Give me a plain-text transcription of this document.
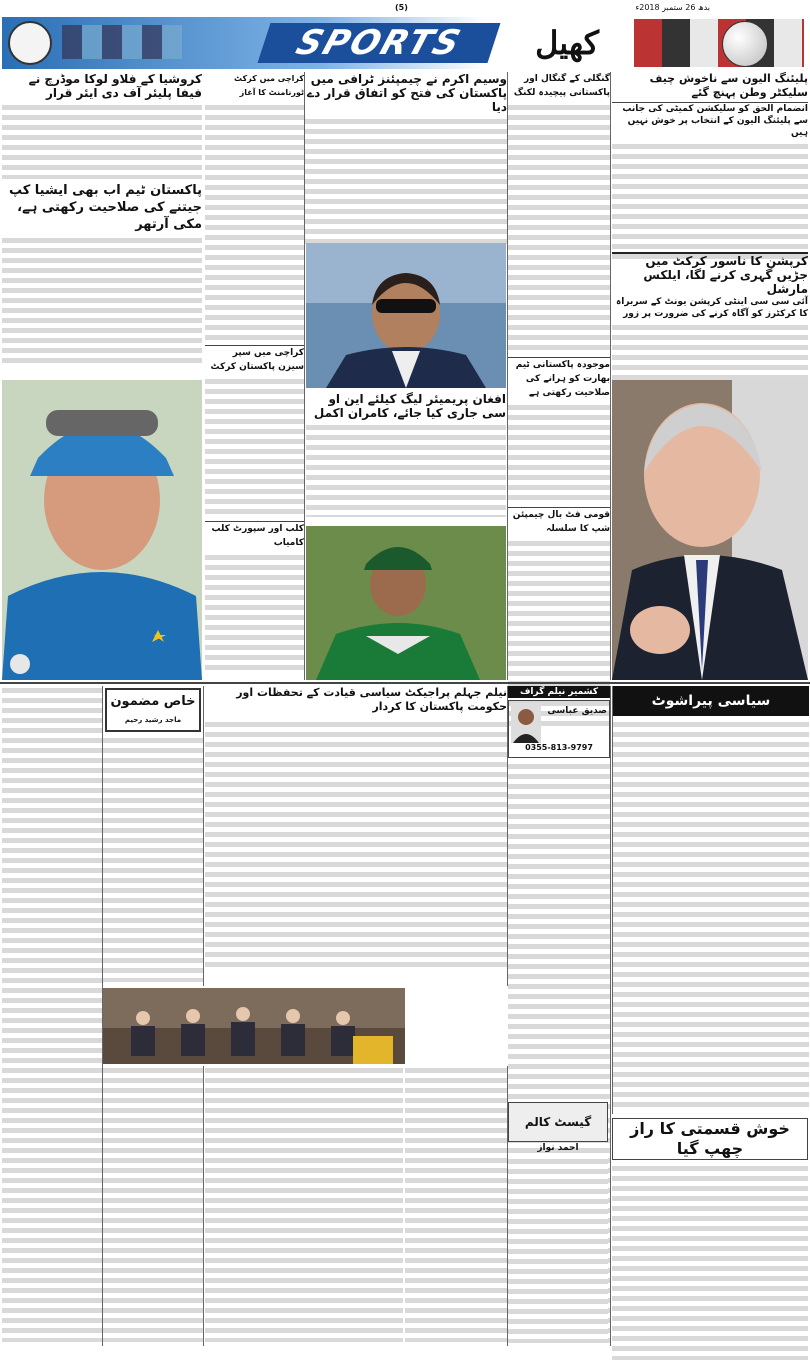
(5)	بدھ 26 ستمبر 2018ء
SPORTS	کھیل
پلیئنگ الیون سے ناخوش چیف سلیکٹر وطن پہنچ گئے
انضمام الحق کو سلیکشن کمیٹی کی جانب سے پلیئنگ الیون کے انتخاب پر خوش نہیں ہیں
کرپشن کا ناسور کرکٹ میں جڑیں گہری کرنے لگا، ایلکس مارشل
آئی سی سی اینٹی کرپشن یونٹ کے سربراہ کا کرکٹرز کو آگاہ کرنے کی ضرورت پر زور
گنگلی کے گنگال اور پاکستانی پیچیدہ لکنگ
موجودہ پاکستانی ٹیم بھارت کو ہرانے کی صلاحیت رکھتی ہے
قومی فٹ بال چیمپئن شپ کا سلسلہ
وسیم اکرم نے چیمپئنز ٹرافی میں پاکستان کی فتح کو اتفاق قرار دے دیا
افغان پریمیئر لیگ کیلئے این او سی جاری کیا جائے، کامران اکمل
کراچی میں کرکٹ ٹورنامنٹ کا آغاز
کراچی میں سپر سیزن پاکستان کرکٹ
کلب اور سپورٹ کلب کامیاب
کروشیا کے فلاو لوکا موڈرچ نے فیفا پلیئر آف دی ایئر قرار
پاکستان ٹیم اب بھی ایشیا کپ جیتنے کی صلاحیت رکھتی ہے، مکی آرتھر
سیاسی پیراشوٹ
خوش قسمتی کا راز چھپ گیا
کشمیر نیلم گراف
صدیق عباسی
0355-813-9797
نیلم جہلم پراجیکٹ سیاسی قیادت کے تحفظات اور حکومت پاکستان کا کردار
گیسٹ کالم
احمد نواز
خاص مضمون
ماجد رشید رحیم
